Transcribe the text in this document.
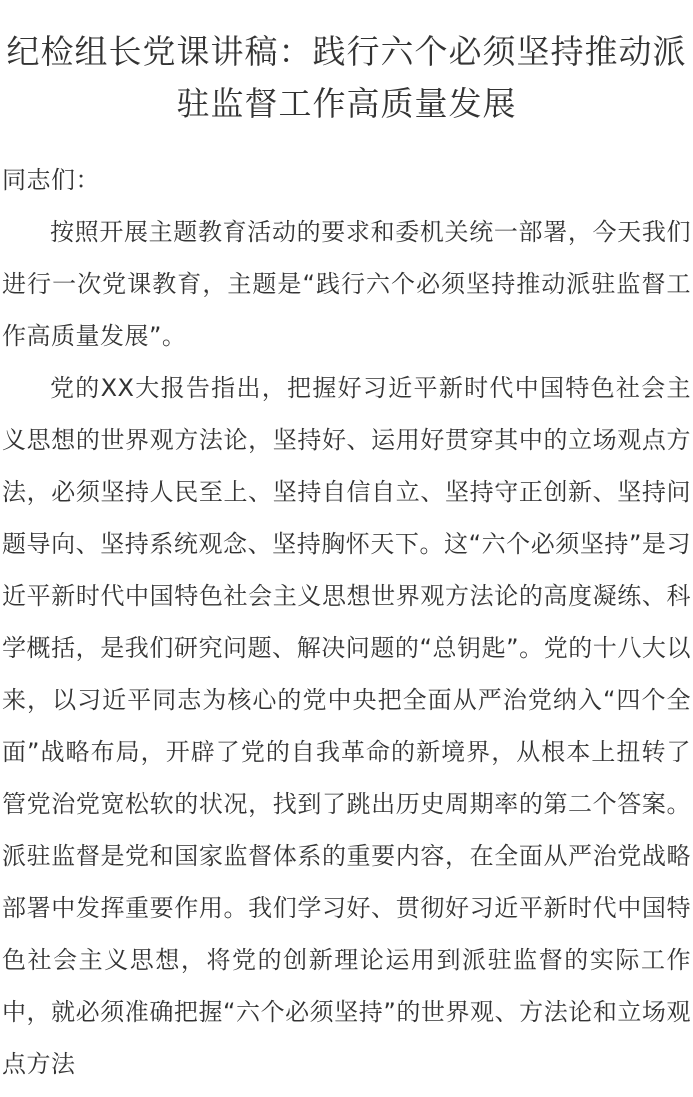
纪检组长党课讲稿：践行六个必须坚持推动派驻监督工作高质量发展

同志们：

按照开展主题教育活动的要求和委机关统一部署，今天我们进行一次党课教育，主题是“践行六个必须坚持推动派驻监督工作高质量发展”。

党的XX大报告指出，把握好习近平新时代中国特色社会主义思想的世界观方法论，坚持好、运用好贯穿其中的立场观点方法，必须坚持人民至上、坚持自信自立、坚持守正创新、坚持问题导向、坚持系统观念、坚持胸怀天下。这“六个必须坚持”是习近平新时代中国特色社会主义思想世界观方法论的高度凝练、科学概括，是我们研究问题、解决问题的“总钥匙”。党的十八大以来，以习近平同志为核心的党中央把全面从严治党纳入“四个全面”战略布局，开辟了党的自我革命的新境界，从根本上扭转了管党治党宽松软的状况，找到了跳出历史周期率的第二个答案。派驻监督是党和国家监督体系的重要内容，在全面从严治党战略部署中发挥重要作用。我们学习好、贯彻好习近平新时代中国特色社会主义思想，将党的创新理论运用到派驻监督的实际工作中，就必须准确把握“六个必须坚持”的世界观、方法论和立场观点方法
